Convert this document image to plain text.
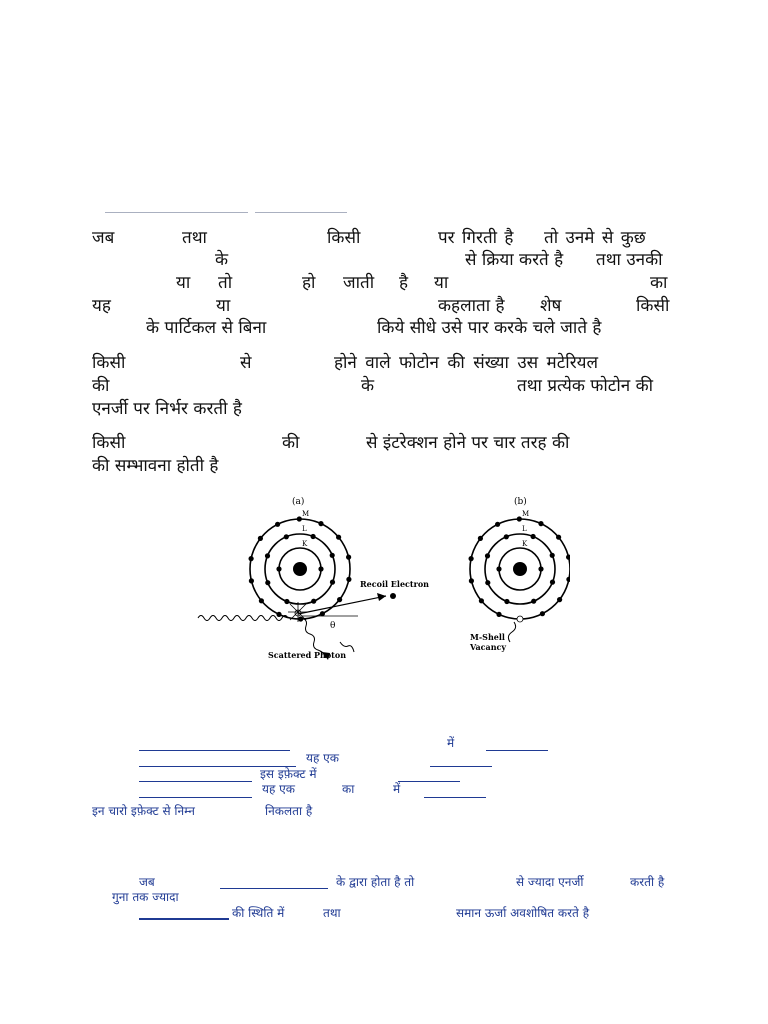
जब	तथा	किसी	पर गिरती है तो उनमे से कुछ
के	से क्रिया करते है तथा उनकी
या तो	हो जाती है या	का
यह	या	कहलाता है शेष	किसी
के पार्टिकल से बिना	किये सीधे उसे पार करके चले जाते है
किसी	से	होने वाले फोटोन की संख्या उस मटेरियल
की	के	तथा प्रत्येक फोटोन की
एनर्जी पर निर्भर करती है
किसी	की	से इंटरेक्शन होने पर चार तरह की
की सम्भावना होती है
(a)	(b)
M
L
K
Recoil Electron
θ
Scattered Photon
M
L
K
M-Shell
Vacancy
में
यह एक
इस इफ़ेक्ट में
यह एक	का	में
इन चारो इफ़ेक्ट से निम्न	निकलता है
जब	के द्वारा होता है तो	से ज्यादा एनर्जी	करती है
गुना तक ज्यादा
की स्थिति में	तथा	समान ऊर्जा अवशोषित करते है
